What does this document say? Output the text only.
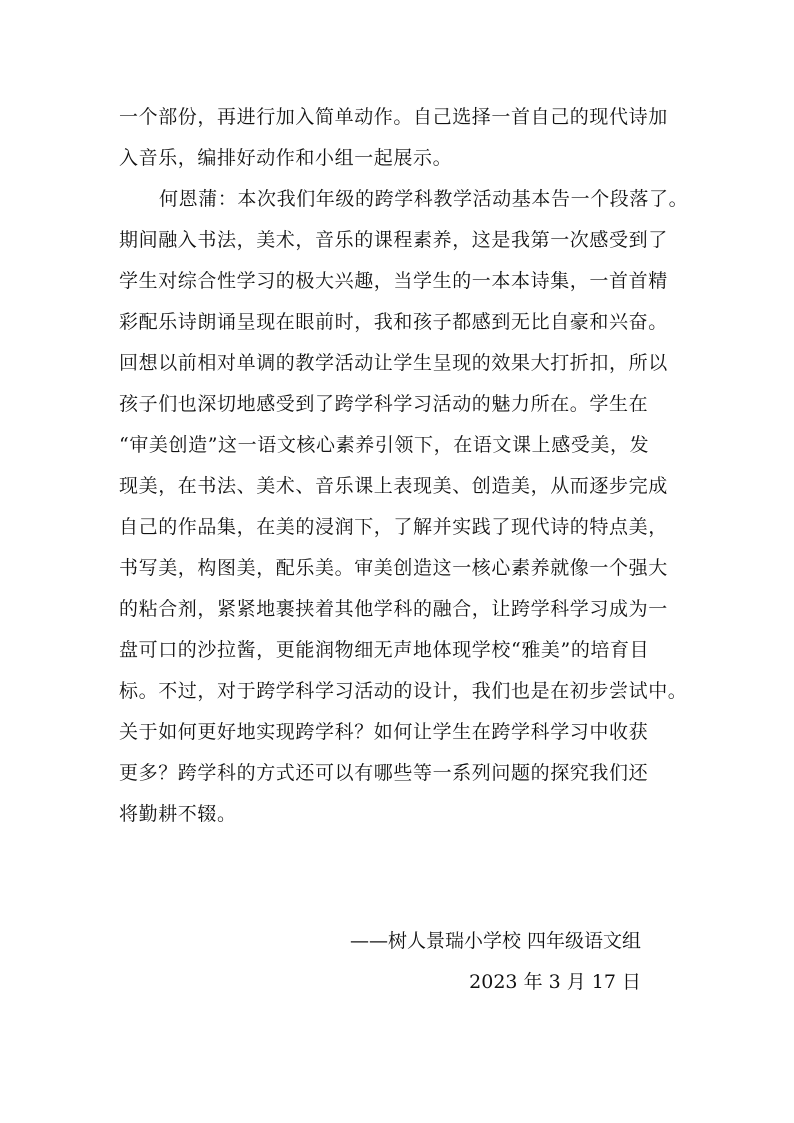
一个部份，再进行加入简单动作。自己选择一首自己的现代诗加
入音乐，编排好动作和小组一起展示。
何恩蒲：本次我们年级的跨学科教学活动基本告一个段落了。
期间融入书法，美术，音乐的课程素养，这是我第一次感受到了
学生对综合性学习的极大兴趣，当学生的一本本诗集，一首首精
彩配乐诗朗诵呈现在眼前时，我和孩子都感到无比自豪和兴奋。
回想以前相对单调的教学活动让学生呈现的效果大打折扣，所以
孩子们也深切地感受到了跨学科学习活动的魅力所在。学生在
“审美创造”这一语文核心素养引领下，在语文课上感受美，发
现美，在书法、美术、音乐课上表现美、创造美，从而逐步完成
自己的作品集，在美的浸润下，了解并实践了现代诗的特点美，
书写美，构图美，配乐美。审美创造这一核心素养就像一个强大
的粘合剂，紧紧地裹挟着其他学科的融合，让跨学科学习成为一
盘可口的沙拉酱，更能润物细无声地体现学校“雅美”的培育目
标。不过，对于跨学科学习活动的设计，我们也是在初步尝试中。
关于如何更好地实现跨学科？如何让学生在跨学科学习中收获
更多？跨学科的方式还可以有哪些等一系列问题的探究我们还
将勤耕不辍。
——树人景瑞小学校 四年级语文组
2023 年 3 月 17 日
